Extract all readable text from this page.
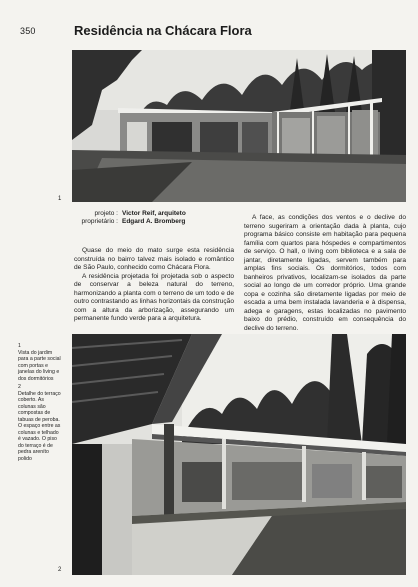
350	Residência na Chácara Flora
1
projeto : Victor Reif, arquiteto
proprietário : Edgard A. Bromberg

Quase do meio do mato surge esta residência construída no bairro talvez mais isolado e romântico de São Paulo, conhecido como Chácara Flora.

A residência projetada foi projetada sob o aspecto de conservar a beleza natural do terreno, harmonizando a planta com o terreno de um todo e de outro contrastando as linhas horizontais da construção com a altura da arborização, assegurando um permanente fundo verde para a arquitetura.

A face, as condições dos ventos e o declive do terreno sugeriram a orientação dada à planta, cujo programa básico consiste em habitação para pequena família com quartos para hóspedes e compartimentos de serviço. O hall, o living com biblioteca e a sala de jantar, diretamente ligadas, servem também para amplas fins sociais. Os dormitórios, todos com banheiros privativos, localizam-se isolados da parte social ao longo de um corredor próprio. Uma grande copa e cozinha são diretamente ligadas por meio de escada a uma bem instalada lavanderia e à dispensa, adega e garagens, estas localizadas no pavimento baixo do prédio, construído em consequência do declive do terreno.

1
Vista do jardim para a parte social com portas e janelas do living e dos dormitórios

2
Detalhe do terraço coberto. As colunas são compostas de tabuas de peroba. O espaço entre as colunas e telhado é vazado. O piso do terraço é de pedra areníto polido

2
